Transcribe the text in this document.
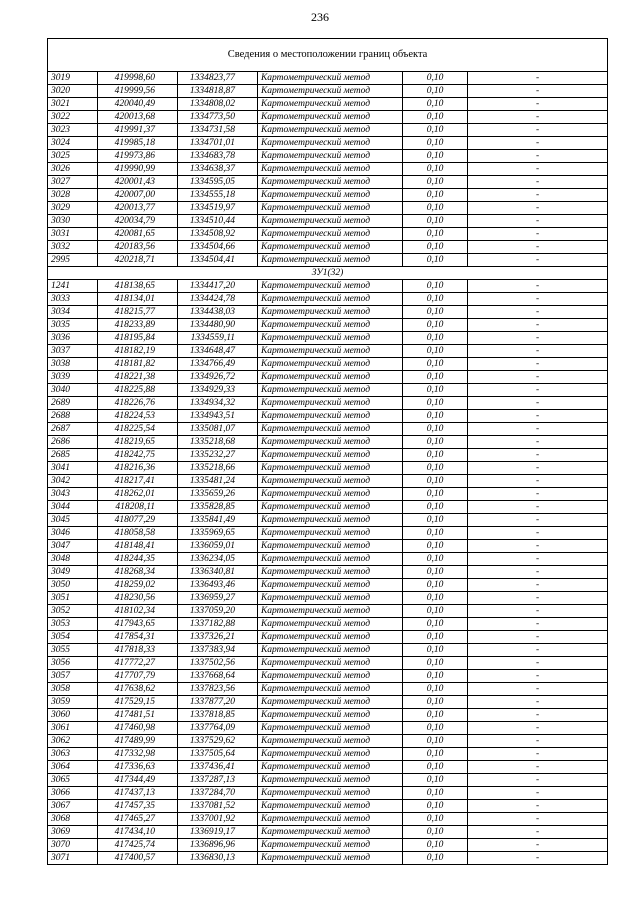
236
Сведения о местоположении границ объекта					
3019	419998,60	1334823,77	Картометрический метод	0,10	-
3020	419999,56	1334818,87	Картометрический метод	0,10	-
3021	420040,49	1334808,02	Картометрический метод	0,10	-
3022	420013,68	1334773,50	Картометрический метод	0,10	-
3023	419991,37	1334731,58	Картометрический метод	0,10	-
3024	419985,18	1334701,01	Картометрический метод	0,10	-
3025	419973,86	1334683,78	Картометрический метод	0,10	-
3026	419990,99	1334638,37	Картометрический метод	0,10	-
3027	420001,43	1334595,05	Картометрический метод	0,10	-
3028	420007,00	1334555,18	Картометрический метод	0,10	-
3029	420013,77	1334519,97	Картометрический метод	0,10	-
3030	420034,79	1334510,44	Картометрический метод	0,10	-
3031	420081,65	1334508,92	Картометрический метод	0,10	-
3032	420183,56	1334504,66	Картометрический метод	0,10	-
2995	420218,71	1334504,41	Картометрический метод	0,10	-
ЗУ1(32)					
1241	418138,65	1334417,20	Картометрический метод	0,10	-
3033	418134,01	1334424,78	Картометрический метод	0,10	-
3034	418215,77	1334438,03	Картометрический метод	0,10	-
3035	418233,89	1334480,90	Картометрический метод	0,10	-
3036	418195,84	1334559,11	Картометрический метод	0,10	-
3037	418182,19	1334648,47	Картометрический метод	0,10	-
3038	418181,82	1334766,49	Картометрический метод	0,10	-
3039	418221,38	1334926,72	Картометрический метод	0,10	-
3040	418225,88	1334929,33	Картометрический метод	0,10	-
2689	418226,76	1334934,32	Картометрический метод	0,10	-
2688	418224,53	1334943,51	Картометрический метод	0,10	-
2687	418225,54	1335081,07	Картометрический метод	0,10	-
2686	418219,65	1335218,68	Картометрический метод	0,10	-
2685	418242,75	1335232,27	Картометрический метод	0,10	-
3041	418216,36	1335218,66	Картометрический метод	0,10	-
3042	418217,41	1335481,24	Картометрический метод	0,10	-
3043	418262,01	1335659,26	Картометрический метод	0,10	-
3044	418208,11	1335828,85	Картометрический метод	0,10	-
3045	418077,29	1335841,49	Картометрический метод	0,10	-
3046	418058,58	1335969,65	Картометрический метод	0,10	-
3047	418148,41	1336059,01	Картометрический метод	0,10	-
3048	418244,35	1336234,05	Картометрический метод	0,10	-
3049	418268,34	1336340,81	Картометрический метод	0,10	-
3050	418259,02	1336493,46	Картометрический метод	0,10	-
3051	418230,56	1336959,27	Картометрический метод	0,10	-
3052	418102,34	1337059,20	Картометрический метод	0,10	-
3053	417943,65	1337182,88	Картометрический метод	0,10	-
3054	417854,31	1337326,21	Картометрический метод	0,10	-
3055	417818,33	1337383,94	Картометрический метод	0,10	-
3056	417772,27	1337502,56	Картометрический метод	0,10	-
3057	417707,79	1337668,64	Картометрический метод	0,10	-
3058	417638,62	1337823,56	Картометрический метод	0,10	-
3059	417529,15	1337877,20	Картометрический метод	0,10	-
3060	417481,51	1337818,85	Картометрический метод	0,10	-
3061	417460,98	1337764,09	Картометрический метод	0,10	-
3062	417489,99	1337529,62	Картометрический метод	0,10	-
3063	417332,98	1337505,64	Картометрический метод	0,10	-
3064	417336,63	1337436,41	Картометрический метод	0,10	-
3065	417344,49	1337287,13	Картометрический метод	0,10	-
3066	417437,13	1337284,70	Картометрический метод	0,10	-
3067	417457,35	1337081,52	Картометрический метод	0,10	-
3068	417465,27	1337001,92	Картометрический метод	0,10	-
3069	417434,10	1336919,17	Картометрический метод	0,10	-
3070	417425,74	1336896,96	Картометрический метод	0,10	-
3071	417400,57	1336830,13	Картометрический метод	0,10	-
